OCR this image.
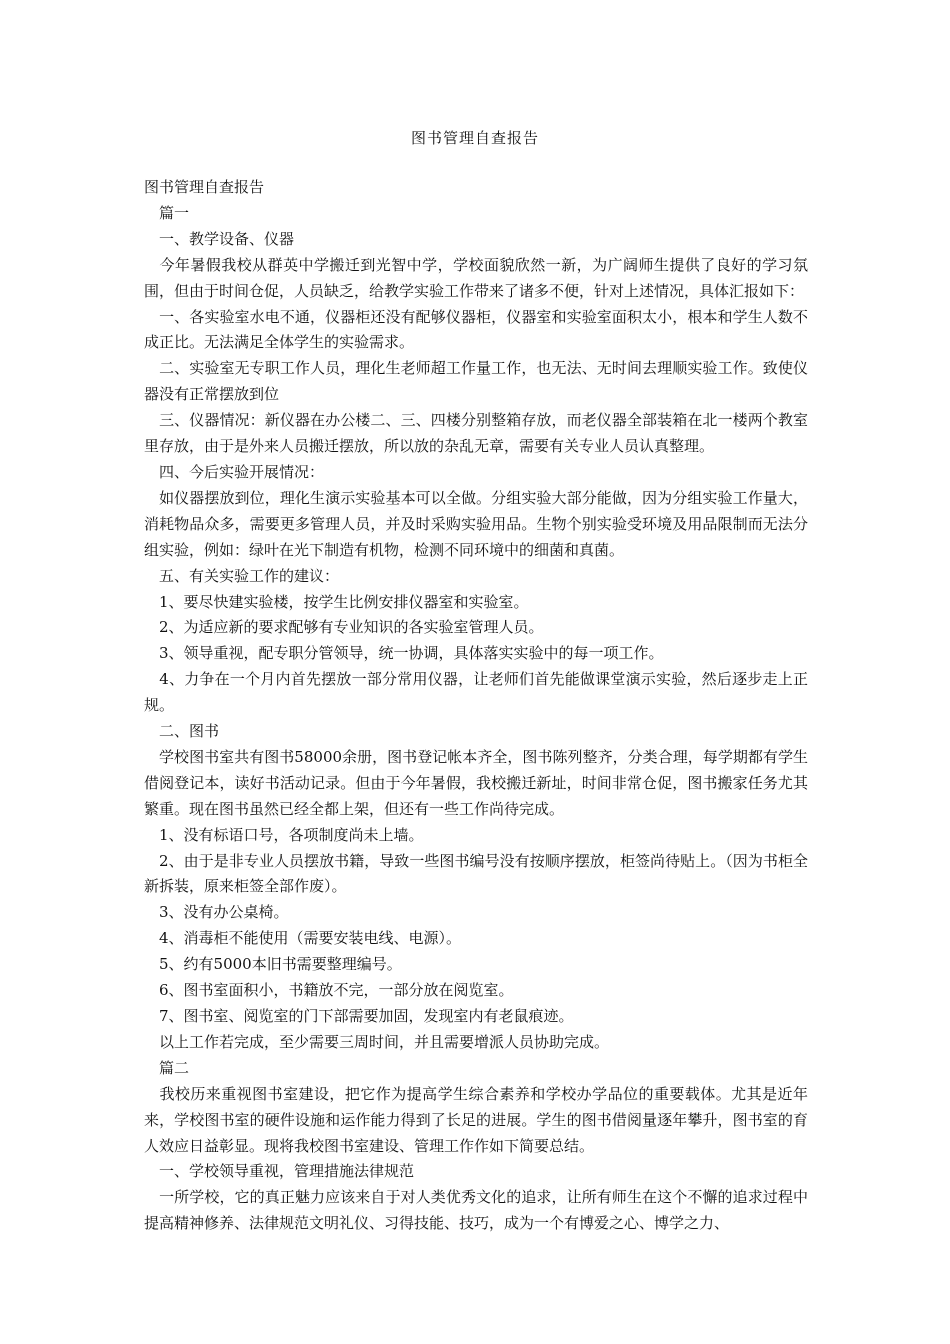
图书管理自查报告

图书管理自查报告

　篇一

　一、教学设备、仪器

　今年暑假我校从群英中学搬迁到光智中学，学校面貌欣然一新，为广阔师生提供了良好的学习氛围，但由于时间仓促，人员缺乏，给教学实验工作带来了诸多不便，针对上述情况，具体汇报如下：

　一、各实验室水电不通，仪器柜还没有配够仪器柜，仪器室和实验室面积太小，根本和学生人数不成正比。无法满足全体学生的实验需求。

　二、实验室无专职工作人员，理化生老师超工作量工作，也无法、无时间去理顺实验工作。致使仪器没有正常摆放到位

　三、仪器情况：新仪器在办公楼二、三、四楼分别整箱存放，而老仪器全部装箱在北一楼两个教室里存放，由于是外来人员搬迁摆放，所以放的杂乱无章，需要有关专业人员认真整理。

　四、今后实验开展情况：

　如仪器摆放到位，理化生演示实验基本可以全做。分组实验大部分能做，因为分组实验工作量大，消耗物品众多，需要更多管理人员，并及时采购实验用品。生物个别实验受环境及用品限制而无法分组实验，例如：绿叶在光下制造有机物，检测不同环境中的细菌和真菌。

　五、有关实验工作的建议：

　1、要尽快建实验楼，按学生比例安排仪器室和实验室。

　2、为适应新的要求配够有专业知识的各实验室管理人员。

　3、领导重视，配专职分管领导，统一协调，具体落实实验中的每一项工作。

　4、力争在一个月内首先摆放一部分常用仪器，让老师们首先能做课堂演示实验，然后逐步走上正规。

　二、图书

　学校图书室共有图书58000余册，图书登记帐本齐全，图书陈列整齐，分类合理，每学期都有学生借阅登记本，读好书活动记录。但由于今年暑假，我校搬迁新址，时间非常仓促，图书搬家任务尤其繁重。现在图书虽然已经全都上架，但还有一些工作尚待完成。

　1、没有标语口号，各项制度尚未上墙。

　2、由于是非专业人员摆放书籍，导致一些图书编号没有按顺序摆放，柜签尚待贴上。（因为书柜全新拆装，原来柜签全部作废）。

　3、没有办公桌椅。

　4、消毒柜不能使用（需要安装电线、电源）。

　5、约有5000本旧书需要整理编号。

　6、图书室面积小，书籍放不完，一部分放在阅览室。

　7、图书室、阅览室的门下部需要加固，发现室内有老鼠痕迹。

　以上工作若完成，至少需要三周时间，并且需要增派人员协助完成。

　篇二

　我校历来重视图书室建设，把它作为提高学生综合素养和学校办学品位的重要载体。尤其是近年来，学校图书室的硬件设施和运作能力得到了长足的进展。学生的图书借阅量逐年攀升，图书室的育人效应日益彰显。现将我校图书室建设、管理工作作如下简要总结。

　一、学校领导重视，管理措施法律规范

　一所学校，它的真正魅力应该来自于对人类优秀文化的追求，让所有师生在这个不懈的追求过程中提高精神修养、法律规范文明礼仪、习得技能、技巧，成为一个有博爱之心、博学之力、
